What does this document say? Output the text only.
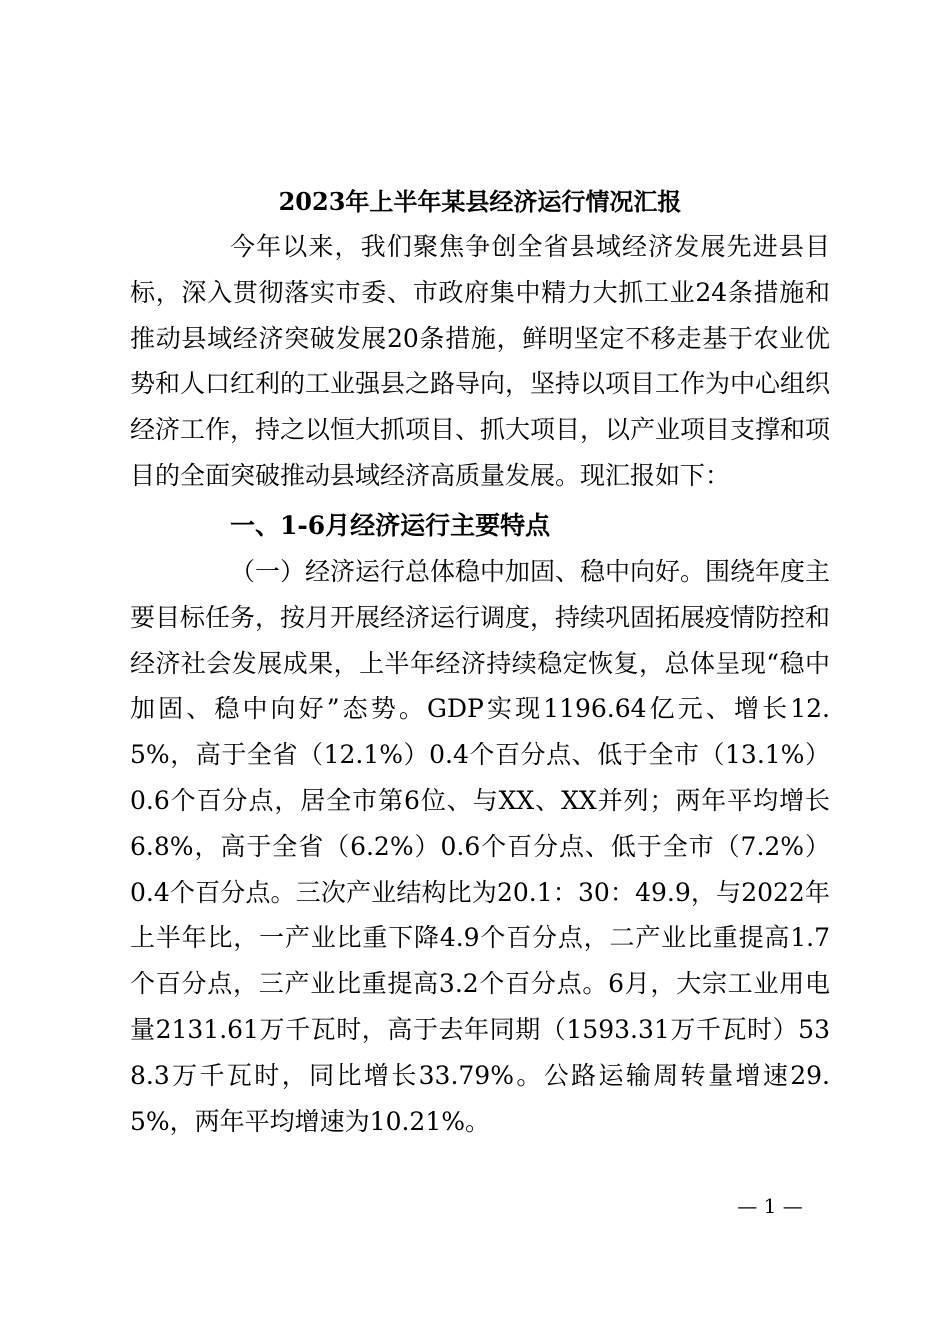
2023年上半年某县经济运行情况汇报

今年以来，我们聚焦争创全省县域经济发展先进县目标，深入贯彻落实市委、市政府集中精力大抓工业24条措施和推动县域经济突破发展20条措施，鲜明坚定不移走基于农业优势和人口红利的工业强县之路导向，坚持以项目工作为中心组织经济工作，持之以恒大抓项目、抓大项目，以产业项目支撑和项目的全面突破推动县域经济高质量发展。现汇报如下：

一、1-6月经济运行主要特点

（一）经济运行总体稳中加固、稳中向好。围绕年度主要目标任务，按月开展经济运行调度，持续巩固拓展疫情防控和经济社会发展成果，上半年经济持续稳定恢复，总体呈现“稳中加固、稳中向好”态势。GDP实现1196.64亿元、增长12.5%，高于全省（12.1%）0.4个百分点、低于全市（13.1%）0.6个百分点，居全市第6位、与XX、XX并列；两年平均增长6.8%，高于全省（6.2%）0.6个百分点、低于全市（7.2%）0.4个百分点。三次产业结构比为20.1：30：49.9，与2022年上半年比，一产业比重下降4.9个百分点，二产业比重提高1.7个百分点，三产业比重提高3.2个百分点。6月，大宗工业用电量2131.61万千瓦时，高于去年同期（1593.31万千瓦时）538.3万千瓦时，同比增长33.79%。公路运输周转量增速29.5%，两年平均增速为10.21%。

— 1 —
